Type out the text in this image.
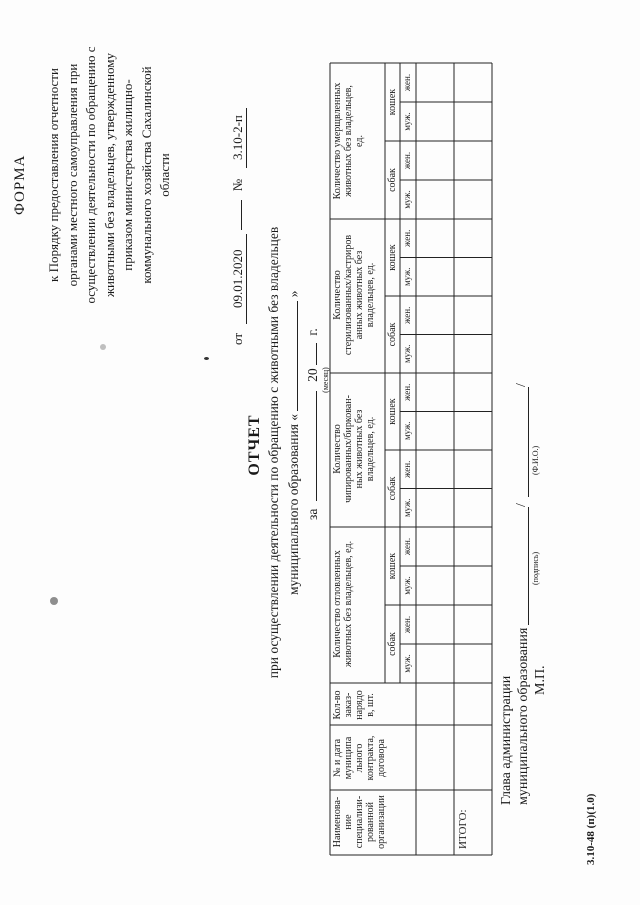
ФОРМА к Порядку предоставления отчетности органами местного самоуправления при осуществлении деятельности по обращению с животными без владельцев, утвержденному приказом министерства жилищно- коммунального хозяйства Сахалинской области
от 09.01.2020  № 3.10-2-п
ОТЧЕТ при осуществлении деятельности по обращению с животными без владельцев муниципального образования «  »
за  20  г.
(месяц)
Наименова-
ние
специализи-
рованной
организации
№ и дата
муниципа
льного
контракта,
договора
Кол-во
заказ-
нарядо
в, шт.
Количество отловленных
животных без владельцев, ед.
Количество
чипированных/биркован-
ных животных без
владельцев, ед.
Количество
стерилизованных/кастриров
анных животных без
владельцев, ед.
Количество умерщвленных
животных без владельцев,
ед.
собак
муж.
жен.
кошек
муж.
жен.
собак
муж.
жен.
кошек
муж.
жен.
собак
муж.
жен.
кошек
муж.
жен.
собак
муж.
жен.
кошек
муж.
жен.
ИТОГО:
Глава администрации муниципального образования
/
/
М.П.
(подпись)
(Ф.И.О.)
3.10-48 (п)(1.0)
